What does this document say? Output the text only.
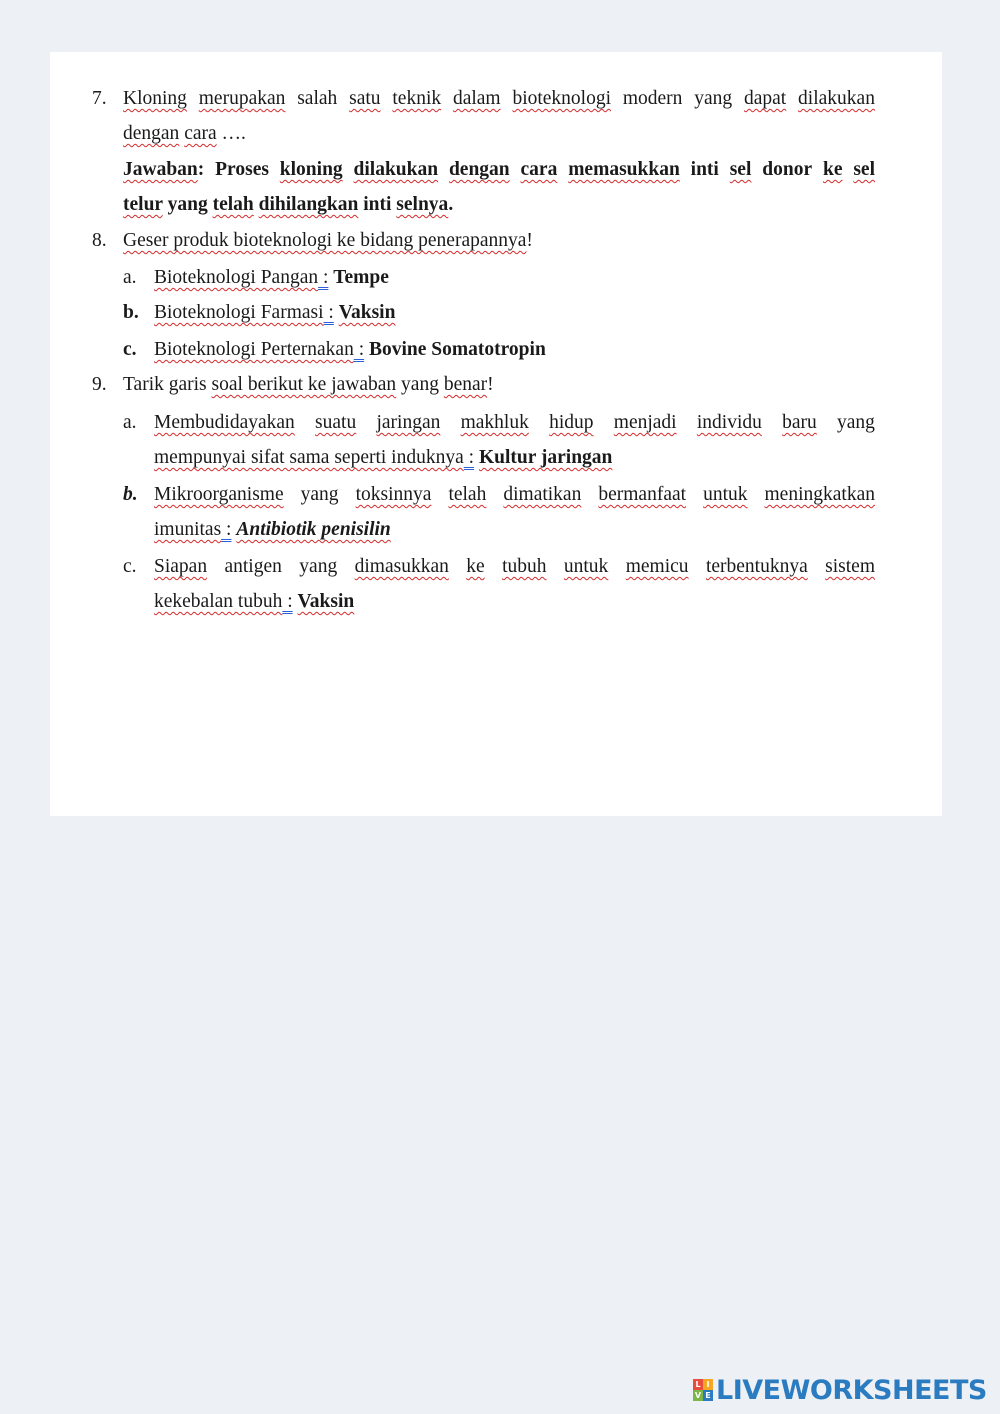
7. Kloning merupakan salah satu teknik dalam bioteknologi modern yang dapat dilakukan
dengan cara ….
Jawaban: Proses kloning dilakukan dengan cara memasukkan inti sel donor ke sel
telur yang telah dihilangkan inti selnya.
8. Geser produk bioteknologi ke bidang penerapannya!
a. Bioteknologi Pangan : Tempe
b. Bioteknologi Farmasi : Vaksin
c. Bioteknologi Perternakan : Bovine Somatotropin
9. Tarik garis soal berikut ke jawaban yang benar!
a. Membudidayakan suatu jaringan makhluk hidup menjadi individu baru yang
mempunyai sifat sama seperti induknya : Kultur jaringan
b. Mikroorganisme yang toksinnya telah dimatikan bermanfaat untuk meningkatkan
imunitas : Antibiotik penisilin
c. Siapan antigen yang dimasukkan ke tubuh untuk memicu terbentuknya sistem
kekebalan tubuh : Vaksin
L I
V E LIVEWORKSHEETS
